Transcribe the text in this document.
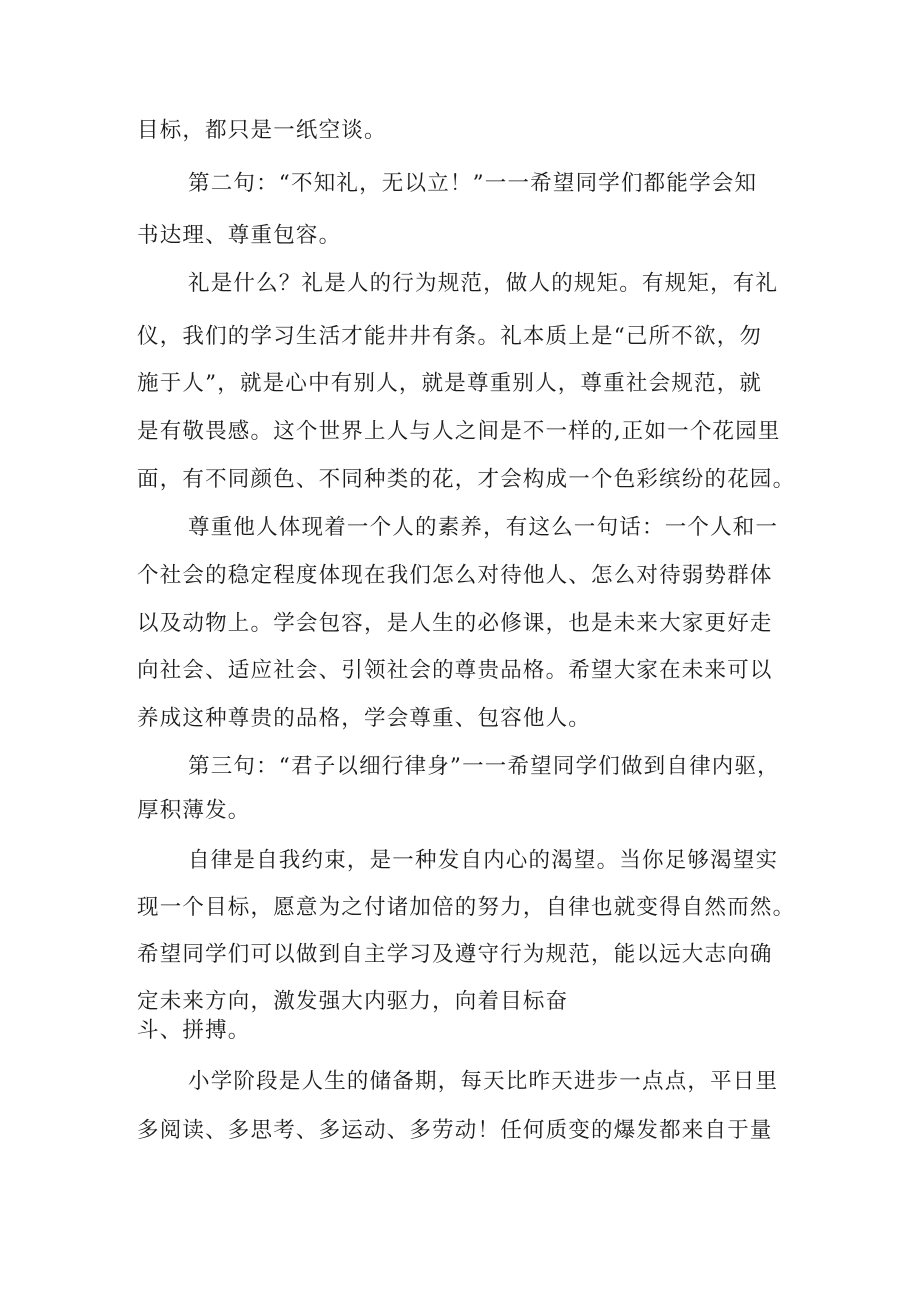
目标，都只是一纸空谈。
第二句：“不知礼，无以立！”一一希望同学们都能学会知
书达理、尊重包容。
礼是什么？礼是人的行为规范，做人的规矩。有规矩，有礼
仪，我们的学习生活才能井井有条。礼本质上是“己所不欲，勿
施于人”，就是心中有别人，就是尊重别人，尊重社会规范，就
是有敬畏感。这个世界上人与人之间是不一样的,正如一个花园里
面，有不同颜色、不同种类的花，才会构成一个色彩缤纷的花园。
尊重他人体现着一个人的素养，有这么一句话：一个人和一
个社会的稳定程度体现在我们怎么对待他人、怎么对待弱势群体
以及动物上。学会包容，是人生的必修课，也是未来大家更好走
向社会、适应社会、引领社会的尊贵品格。希望大家在未来可以
养成这种尊贵的品格，学会尊重、包容他人。
第三句：“君子以细行律身”一一希望同学们做到自律内驱，
厚积薄发。
自律是自我约束，是一种发自内心的渴望。当你足够渴望实
现一个目标，愿意为之付诸加倍的努力，自律也就变得自然而然。
希望同学们可以做到自主学习及遵守行为规范，能以远大志向确
定未来方向，激发强大内驱力，向着目标奋
斗、拼搏。
小学阶段是人生的储备期，每天比昨天进步一点点，平日里
多阅读、多思考、多运动、多劳动！任何质变的爆发都来自于量
